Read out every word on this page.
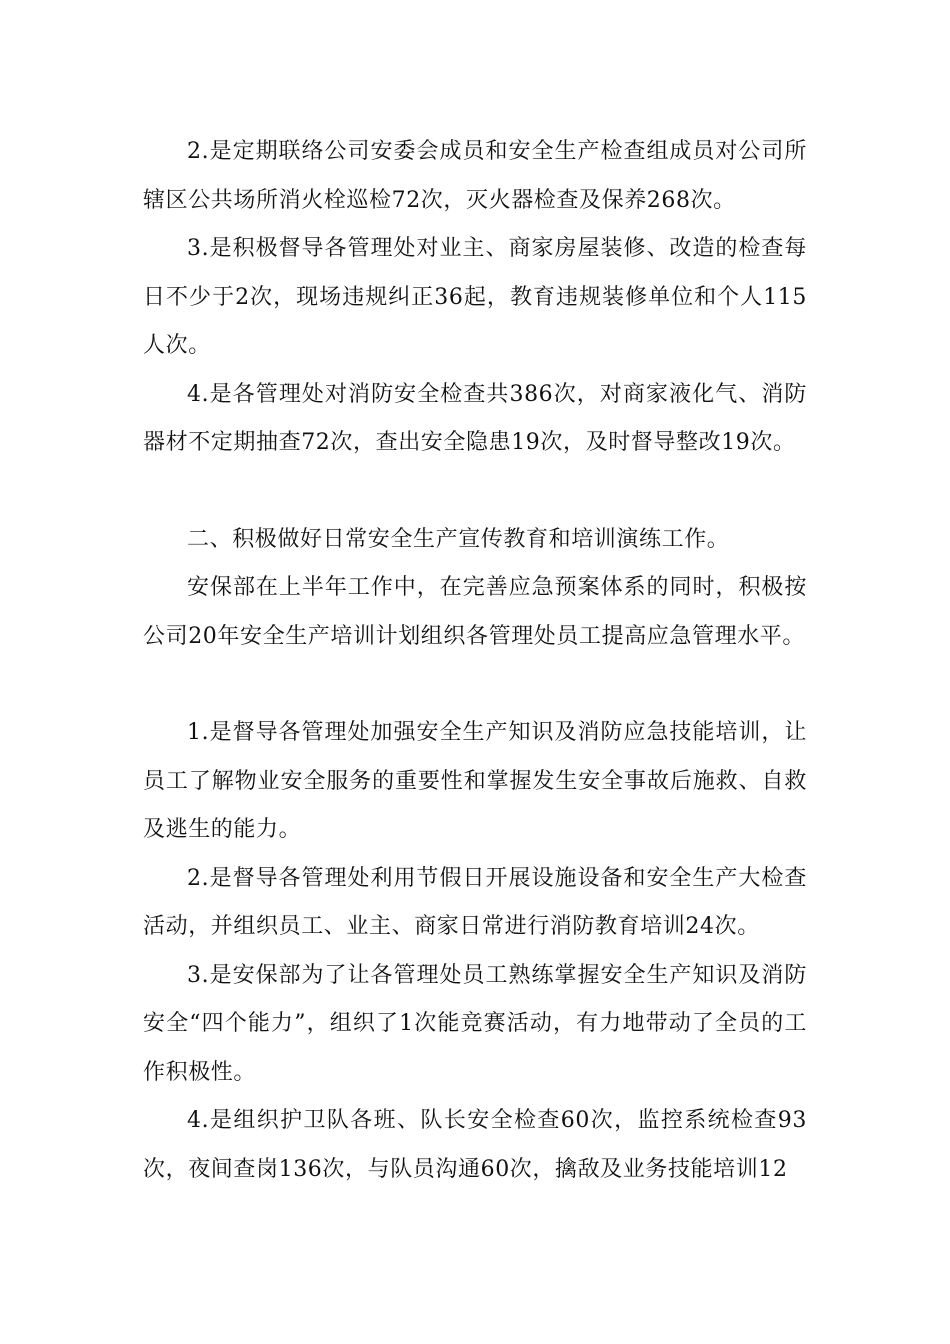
2.是定期联络公司安委会成员和安全生产检查组成员对公司所辖区公共场所消火栓巡检72次，灭火器检查及保养268次。

3.是积极督导各管理处对业主、商家房屋装修、改造的检查每日不少于2次，现场违规纠正36起，教育违规装修单位和个人115人次。

4.是各管理处对消防安全检查共386次，对商家液化气、消防器材不定期抽查72次，查出安全隐患19次，及时督导整改19次。

二、积极做好日常安全生产宣传教育和培训演练工作。

安保部在上半年工作中，在完善应急预案体系的同时，积极按公司20年安全生产培训计划组织各管理处员工提高应急管理水平。

1.是督导各管理处加强安全生产知识及消防应急技能培训，让员工了解物业安全服务的重要性和掌握发生安全事故后施救、自救及逃生的能力。

2.是督导各管理处利用节假日开展设施设备和安全生产大检查活动，并组织员工、业主、商家日常进行消防教育培训24次。

3.是安保部为了让各管理处员工熟练掌握安全生产知识及消防安全“四个能力”，组织了1次能竞赛活动，有力地带动了全员的工作积极性。

4.是组织护卫队各班、队长安全检查60次，监控系统检查93次，夜间查岗136次，与队员沟通60次，擒敌及业务技能培训12
